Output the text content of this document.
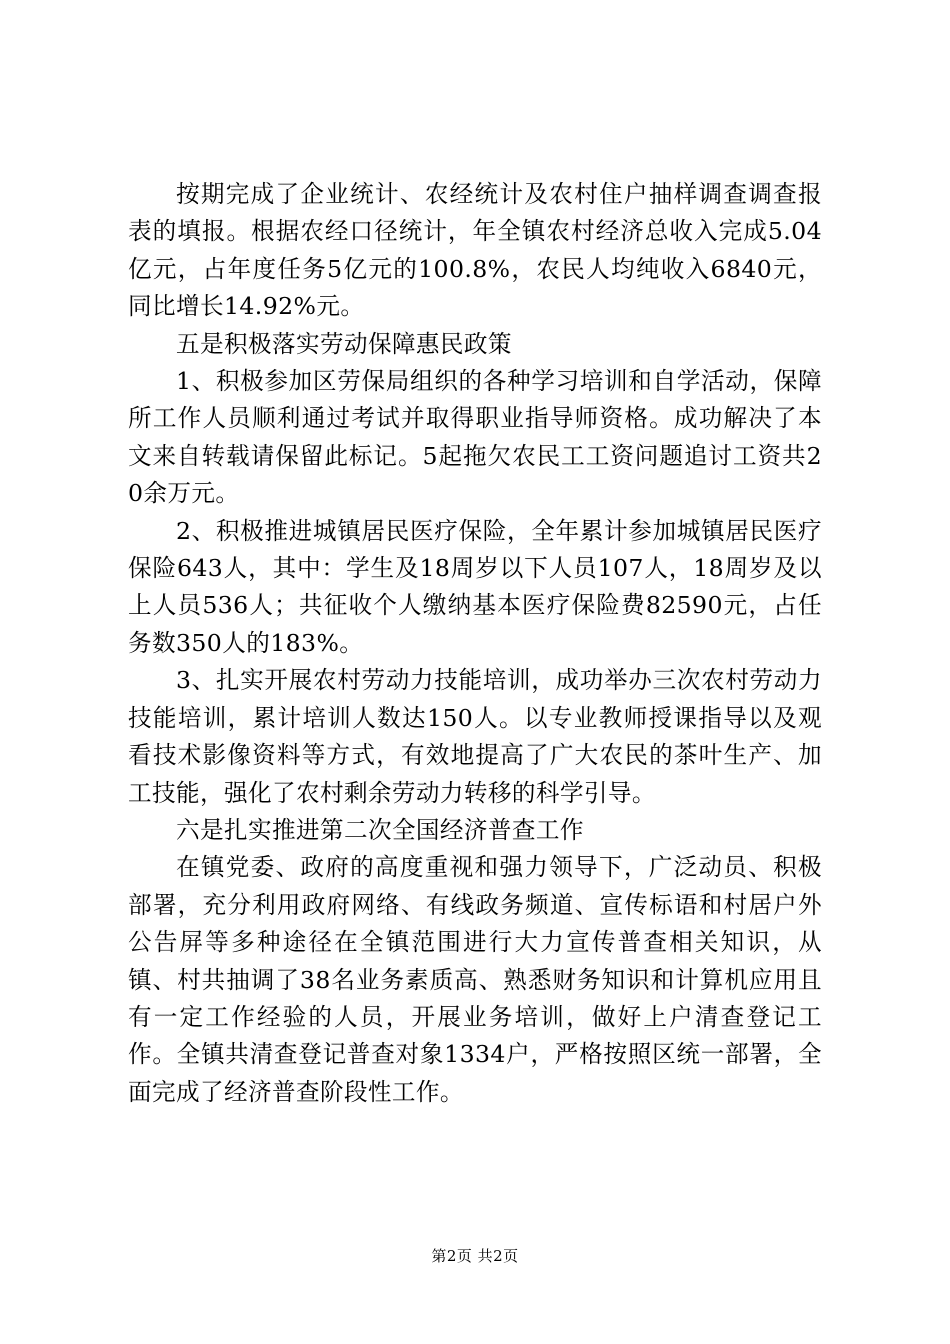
按期完成了企业统计、农经统计及农村住户抽样调查调查报表的填报。根据农经口径统计，年全镇农村经济总收入完成5.04亿元，占年度任务5亿元的100.8%，农民人均纯收入6840元，同比增长14.92%元。

五是积极落实劳动保障惠民政策

1、积极参加区劳保局组织的各种学习培训和自学活动，保障所工作人员顺利通过考试并取得职业指导师资格。成功解决了本文来自转载请保留此标记。5起拖欠农民工工资问题追讨工资共20余万元。

2、积极推进城镇居民医疗保险，全年累计参加城镇居民医疗保险643人，其中：学生及18周岁以下人员107人，18周岁及以上人员536人；共征收个人缴纳基本医疗保险费82590元，占任务数350人的183%。

3、扎实开展农村劳动力技能培训，成功举办三次农村劳动力技能培训，累计培训人数达150人。以专业教师授课指导以及观看技术影像资料等方式，有效地提高了广大农民的茶叶生产、加工技能，强化了农村剩余劳动力转移的科学引导。

六是扎实推进第二次全国经济普查工作

在镇党委、政府的高度重视和强力领导下，广泛动员、积极部署，充分利用政府网络、有线政务频道、宣传标语和村居户外公告屏等多种途径在全镇范围进行大力宣传普查相关知识，从镇、村共抽调了38名业务素质高、熟悉财务知识和计算机应用且有一定工作经验的人员，开展业务培训，做好上户清查登记工作。全镇共清查登记普查对象1334户，严格按照区统一部署，全面完成了经济普查阶段性工作。

第2页 共2页
